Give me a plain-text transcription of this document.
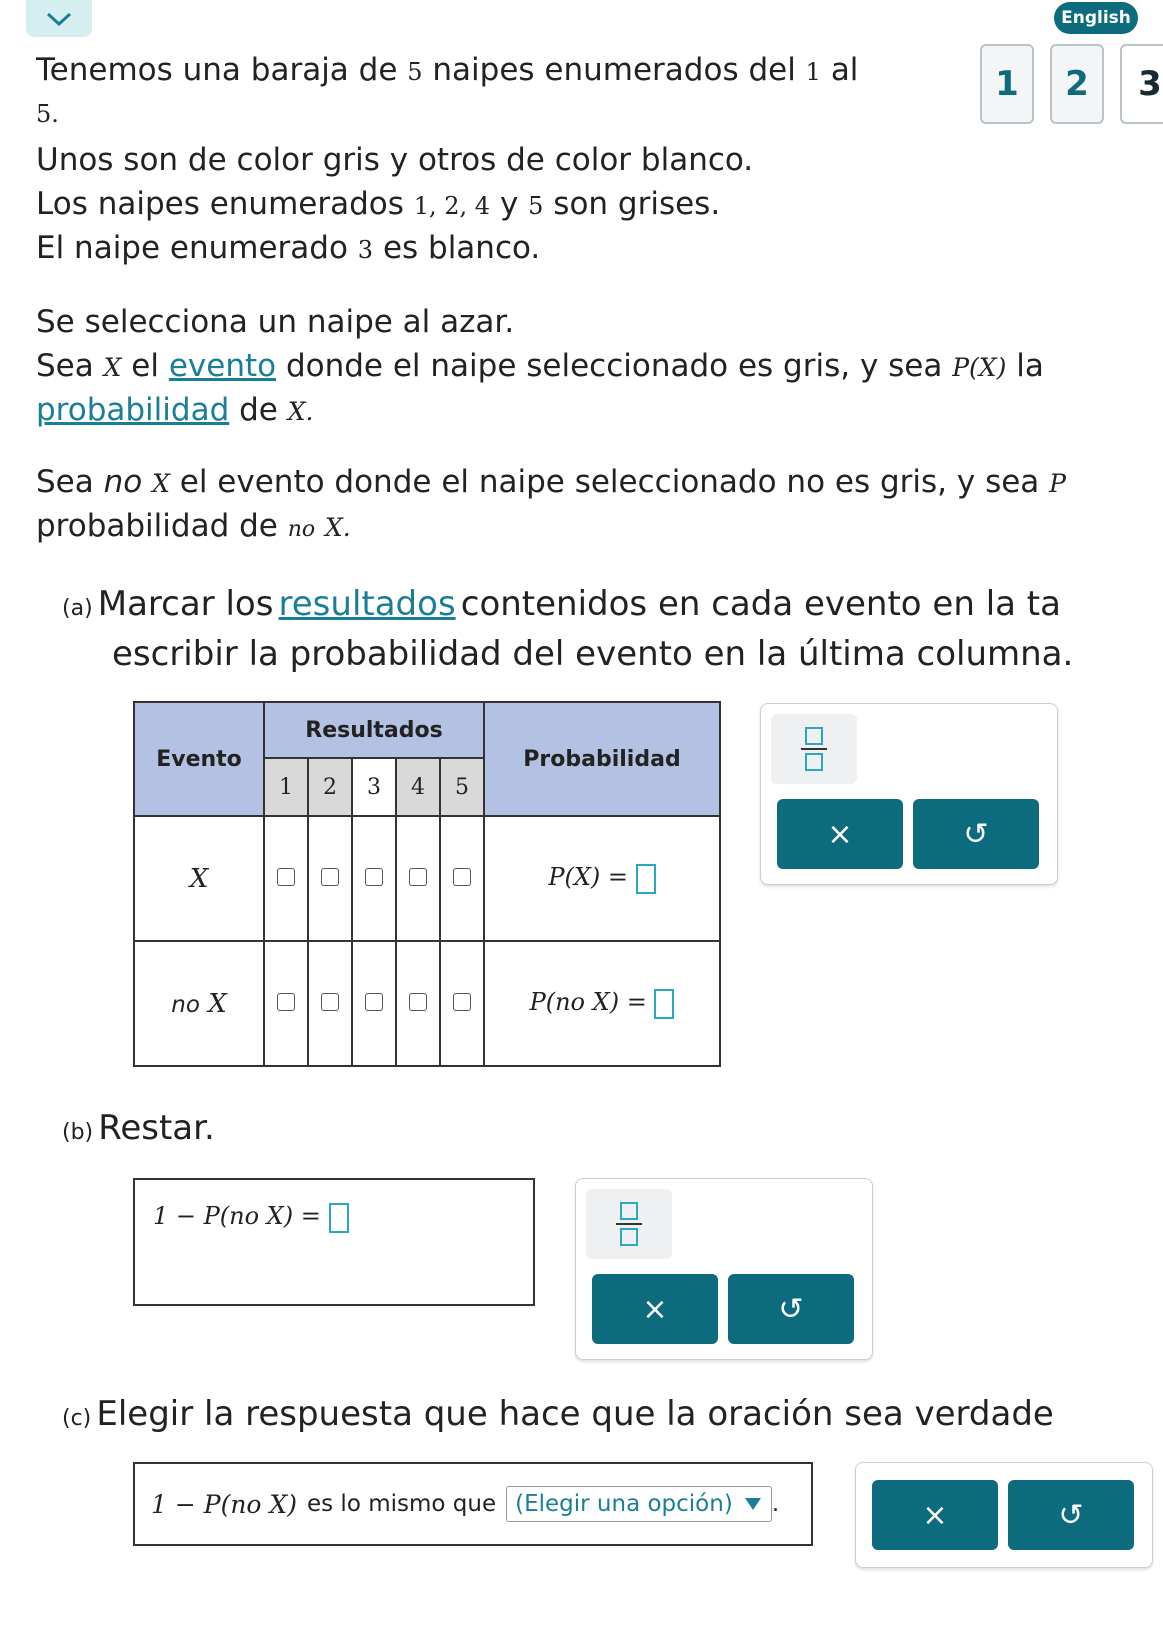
English
1	2	3
Tenemos una baraja de 5 naipes enumerados del 1 al
5.
Unos son de color gris y otros de color blanco.
Los naipes enumerados 1, 2, 4 y 5 son grises.
El naipe enumerado 3 es blanco.
Se selecciona un naipe al azar.
Sea X el evento donde el naipe seleccionado es gris, y sea P(X) la
probabilidad de X.
Sea no X el evento donde el naipe seleccionado no es gris, y sea P
probabilidad de no X.
(a) Marcar los resultados contenidos en cada evento en la ta
escribir la probabilidad del evento en la última columna.
Evento	Resultados					Probabilidad
	1	2	3	4	5	
X						P(X) =
no X						P(no X) =
×	↺
(b) Restar.
1 − P(no X) =
×	↺
(c) Elegir la respuesta que hace que la oración sea verdade
1 − P(no X) es lo mismo que (Elegir una opción) .	×	↺
